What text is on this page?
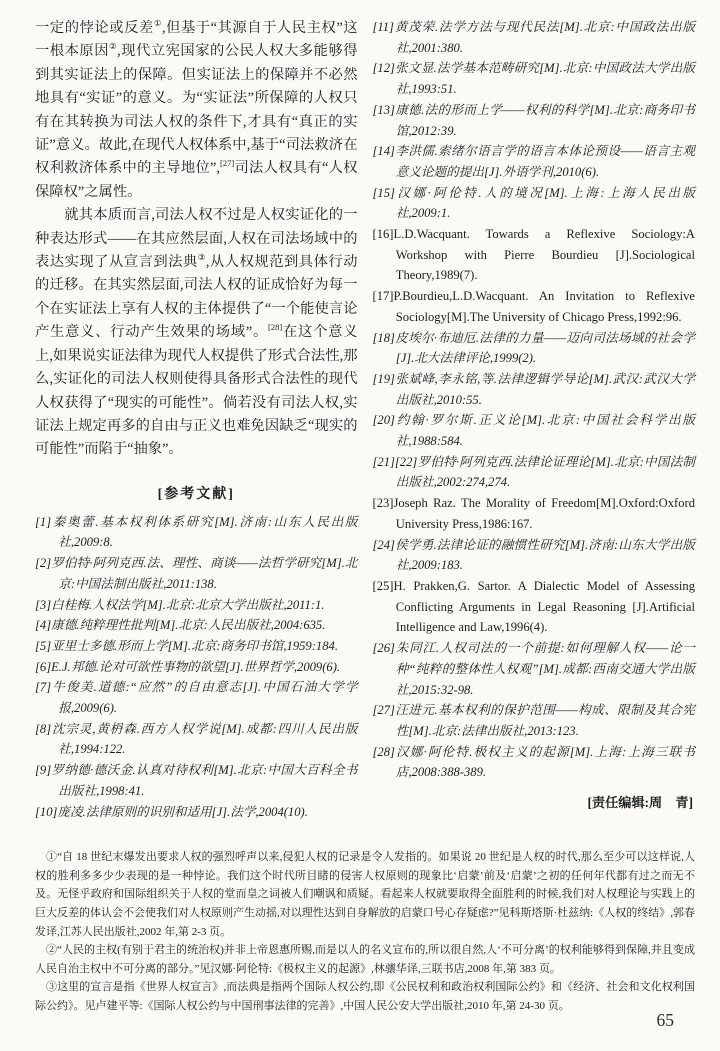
一定的悖论或反差①,但基于“其源自于人民主权”这一根本原因②,现代立宪国家的公民人权大多能够得到其实证法上的保障。但实证法上的保障并不必然地具有“实证”的意义。为“实证法”所保障的人权只有在其转换为司法人权的条件下,才具有“真正的实证”意义。故此,在现代人权体系中,基于“司法救济在权利救济体系中的主导地位”,[27]司法人权具有“人权保障权”之属性。

就其本质而言,司法人权不过是人权实证化的一种表达形式——在其应然层面,人权在司法场域中的表达实现了从宣言到法典③,从人权规范到具体行动的迁移。在其实然层面,司法人权的证成恰好为每一个在实证法上享有人权的主体提供了“一个能使言论产生意义、行动产生效果的场域”。[28]在这个意义上,如果说实证法律为现代人权提供了形式合法性,那么,实证化的司法人权则使得具备形式合法性的现代人权获得了“现实的可能性”。倘若没有司法人权,实证法上规定再多的自由与正义也难免因缺乏“现实的可能性”而陷于“抽象”。

[参考文献]

[1]秦奥蕾.基本权利体系研究[M].济南:山东人民出版社,2009:8.

[2]罗伯特·阿列克西.法、理性、商谈——法哲学研究[M].北京:中国法制出版社,2011:138.

[3]白桂梅.人权法学[M].北京:北京大学出版社,2011:1.

[4]康德.纯粹理性批判[M].北京:人民出版社,2004:635.

[5]亚里士多德.形而上学[M].北京:商务印书馆,1959:184.

[6]E.J.邦德.论对可欲性事物的欲望[J].世界哲学,2009(6).

[7]牛俊美.道德:“应然”的自由意志[J].中国石油大学学报,2009(6).

[8]沈宗灵,黄枬森.西方人权学说[M].成都:四川人民出版社,1994:122.

[9]罗纳德·德沃金.认真对待权利[M].北京:中国大百科全书出版社,1998:41.

[10]庞凌.法律原则的识别和适用[J].法学,2004(10).

[11]黄茂荣.法学方法与现代民法[M].北京:中国政法出版社,2001:380.

[12]张文显.法学基本范畴研究[M].北京:中国政法大学出版社,1993:51.

[13]康德.法的形而上学——权利的科学[M].北京:商务印书馆,2012:39.

[14]李洪儒.索绪尔语言学的语言本体论预设——语言主观意义论题的提出[J].外语学刊,2010(6).

[15]汉娜·阿伦特.人的境况[M].上海:上海人民出版社,2009:1.

[16]L.D.Wacquant. Towards a Reflexive Sociology:A Workshop with Pierre Bourdieu [J].Sociological Theory,1989(7).

[17]P.Bourdieu,L.D.Wacquant. An Invitation to Reflexive Sociology[M].The University of Chicago Press,1992:96.

[18]皮埃尔·布迪厄.法律的力量——迈向司法场域的社会学[J].北大法律评论,1999(2).

[19]张斌峰,李永铭,等.法律逻辑学导论[M].武汉:武汉大学出版社,2010:55.

[20]约翰·罗尔斯.正义论[M].北京:中国社会科学出版社,1988:584.

[21][22]罗伯特·阿列克西.法律论证理论[M].北京:中国法制出版社,2002:274,274.

[23]Joseph Raz. The Morality of Freedom[M].Oxford:Oxford University Press,1986:167.

[24]侯学勇.法律论证的融惯性研究[M].济南:山东大学出版社,2009:183.

[25]H. Prakken,G. Sartor. A Dialectic Model of Assessing Conflicting Arguments in Legal Reasoning [J].Artificial Intelligence and Law,1996(4).

[26]朱同江.人权司法的一个前提:如何理解人权——论一种“纯粹的整体性人权观”[M].成都:西南交通大学出版社,2015:32-98.

[27]汪进元.基本权利的保护范围——构成、限制及其合宪性[M].北京:法律出版社,2013:123.

[28]汉娜·阿伦特.极权主义的起源[M].上海:上海三联书店,2008:388-389.

[责任编辑:周　青]

①“自 18 世纪末爆发出要求人权的强烈呼声以来,侵犯人权的记录是令人发指的。如果说 20 世纪是人权的时代,那么至少可以这样说,人权的胜利多多少少表现的是一种悖论。我们这个时代所目睹的侵害人权原则的现象比‘启蒙’前及‘启蒙’之初的任何年代都有过之而无不及。无怪乎政府和国际组织关于人权的堂而皇之词被人们嘲讽和质疑。看起来人权就要取得全面胜利的时候,我们对人权理论与实践上的巨大反差的体认会不会使我们对人权原则产生动摇,对以理性达到自身解放的启蒙口号心存疑虑?”见科斯塔斯·杜兹纳:《人权的终结》,郭春发译,江苏人民出版社,2002 年,第 2-3 页。

②“人民的主权(有别于君主的统治权)并非上帝恩惠所赐,而是以人的名义宣布的,所以很自然,人‘不可分离’的权利能够得到保障,并且变成人民自治主权中不可分离的部分。”见汉娜·阿伦特:《极权主义的起源》,林骧华译,三联书店,2008 年,第 383 页。

③这里的宣言是指《世界人权宣言》,而法典是指两个国际人权公约,即《公民权利和政治权利国际公约》和《经济、社会和文化权利国际公约》。见卢建平等:《国际人权公约与中国刑事法律的完善》,中国人民公安大学出版社,2010 年,第 24-30 页。

65
